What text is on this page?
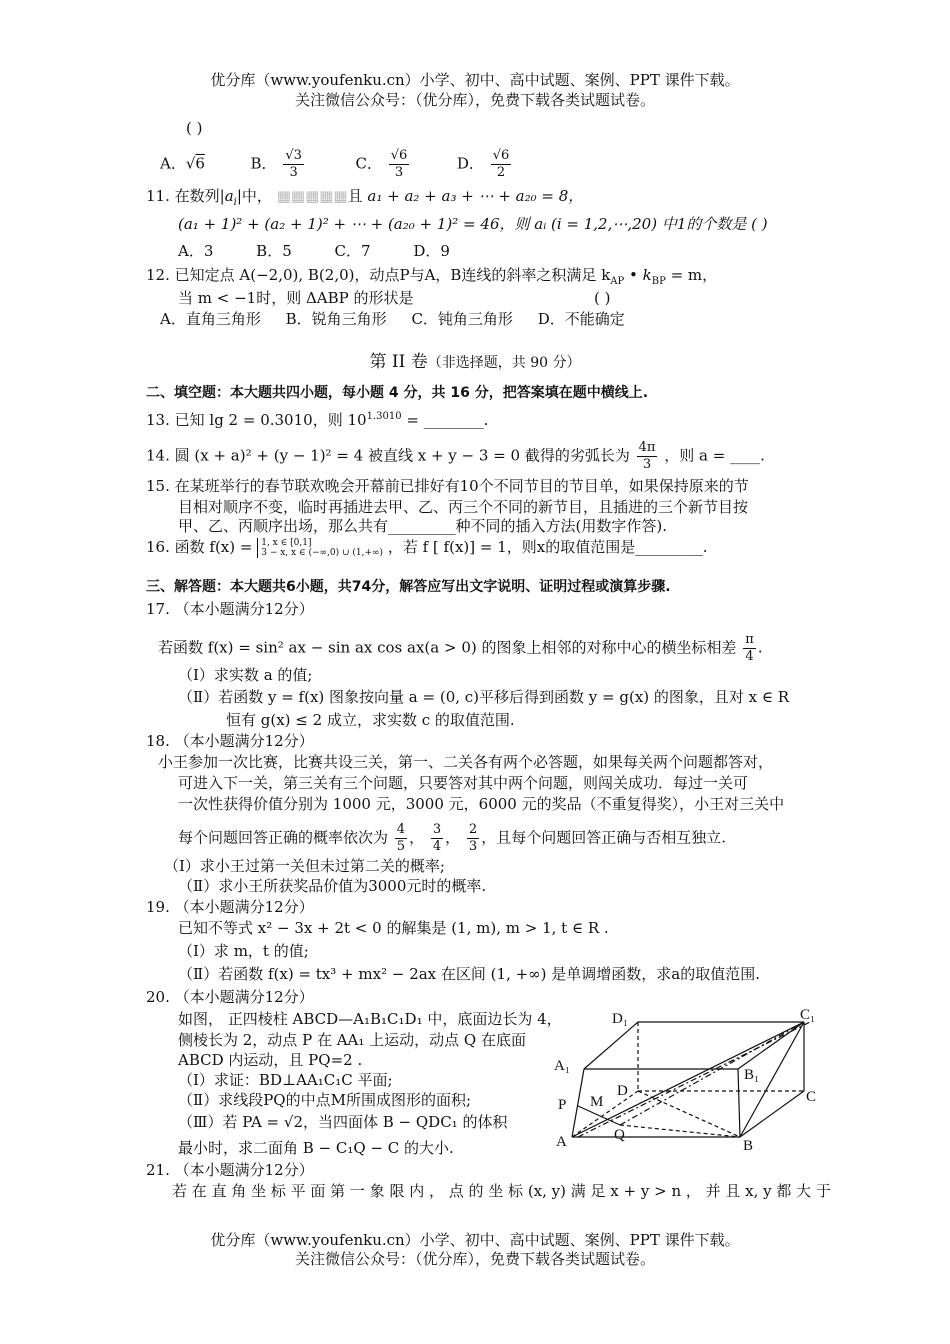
优分库（www.youfenku.cn）小学、初中、高中试题、案例、PPT 课件下载。
关注微信公众号：（优分库），免费下载各类试题试卷。
( )
A．√6	B． $\frac{√3}{3}$	C． $\frac{√6}{3}$	D． $\frac{√6}{2}$
11. 在数列$|a_i|$中， ▦▦▦▦▦且 a₁ + a₂ + a₃ + ⋯ + a₂₀ = 8，
(a₁ + 1)² + (a₂ + 1)² + ⋯ + (a₂₀ + 1)² = 46，则 aᵢ (i = 1,2,⋯,20) 中1的个数是 ( )
A．3	B．5	C．7	D．9
12. 已知定点 A(−2,0), B(2,0)，动点P与A，B连线的斜率之积满足 $k_{AP}$ • $k_{BP} = m$，
当 m < −1时，则 ΔABP 的形状是	( )
A．直角三角形 B．锐角三角形 C．钝角三角形 D．不能确定
第 II 卷（非选择题，共 90 分）
二、填空题：本大题共四小题，每小题 4 分，共 16 分，把答案填在题中横线上.
13. 已知 lg 2 = 0.3010，则 $10^{1.3010}$ = ________.
14. 圆 (x + a)² + (y − 1)² = 4 被直线 x + y − 3 = 0 截得的劣弧长为 $\frac{4\pi}{3}$ ，则 a = ____.
15. 在某班举行的春节联欢晚会开幕前已排好有10个不同节目的节目单，如果保持原来的节
目相对顺序不变，临时再插进去甲、乙、丙三个不同的新节目，且插进的三个新节目按
甲、乙、丙顺序出场，那么共有_________种不同的插入方法(用数字作答).
16. 函数 f(x) = 1, x ∈ [0,1]
3 − x, x ∈ (−∞,0) ∪ (1,+∞) ，若 f [ f(x)] = 1，则x的取值范围是_________.
三、解答题：本大题共6小题，共74分，解答应写出文字说明、证明过程或演算步骤.
17. （本小题满分12分）
若函数 f(x) = sin² ax − sin ax cos ax(a > 0) 的图象上相邻的对称中心的横坐标相差 $\frac{\pi}{4}$ .
（Ⅰ）求实数 a 的值;
（Ⅱ）若函数 y = f(x) 图象按向量 a = (0, c)平移后得到函数 y = g(x) 的图象，且对 x ∈ R
恒有 g(x) ≤ 2 成立，求实数 c 的取值范围.
18. （本小题满分12分）
小王参加一次比赛，比赛共设三关，第一、二关各有两个必答题，如果每关两个问题都答对，
可进入下一关，第三关有三个问题，只要答对其中两个问题，则闯关成功．每过一关可
一次性获得价值分别为 1000 元，3000 元，6000 元的奖品（不重复得奖），小王对三关中
每个问题回答正确的概率依次为 $\frac{4}{5}$ ， $\frac{3}{4}$ ， $\frac{2}{3}$ ，且每个问题回答正确与否相互独立.
（Ⅰ）求小王过第一关但未过第二关的概率;
（Ⅱ）求小王所获奖品价值为3000元时的概率.
19. （本小题满分12分）
已知不等式 x² − 3x + 2t < 0 的解集是 (1, m), m > 1, t ∈ R .
（Ⅰ）求 m，t 的值;
（Ⅱ）若函数 f(x) = tx³ + mx² − 2ax 在区间 (1, +∞) 是单调增函数，求a的取值范围.
20. （本小题满分12分）
如图， 正四棱柱 ABCD—A₁B₁C₁D₁ 中，底面边长为 4，
侧棱长为 2，动点 P 在 AA₁ 上运动，动点 Q 在底面
ABCD 内运动，且 PQ=2 .
（Ⅰ）求证：BD⊥AA₁C₁C 平面;
（Ⅱ）求线段PQ的中点M所围成图形的面积;
（Ⅲ）若 PA = √2，当四面体 B − QDC₁ 的体积
最小时，求二面角 B − C₁Q − C 的大小.
D₁	C₁
A₁
B₁
D	C
A	B
P M
Q
21. （本小题满分12分）
若 在 直 角 坐 标 平 面 第 一 象 限 内 ， 点 的 坐 标 (x, y) 满 足 x + y > n ， 并 且 x, y 都 大 于
优分库（www.youfenku.cn）小学、初中、高中试题、案例、PPT 课件下载。
关注微信公众号：（优分库），免费下载各类试题试卷。
